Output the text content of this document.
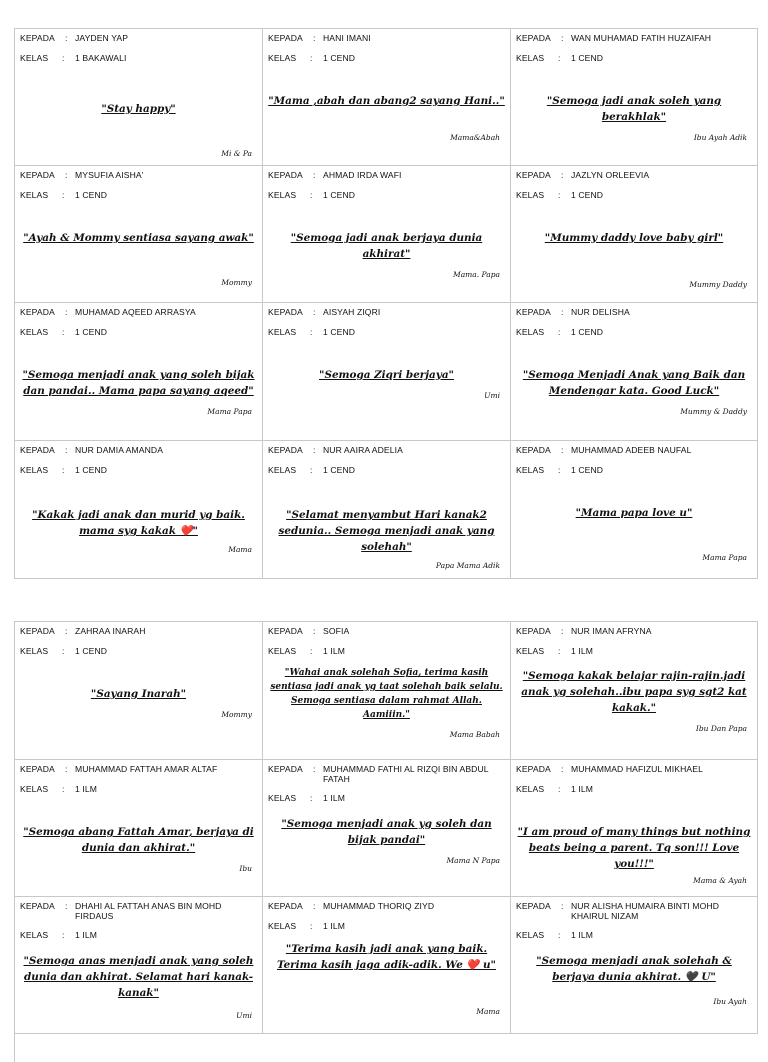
KEPADA	: JAYDEN YAP
KELAS	:	1 BAKAWALI
"Stay happy"
Mi & Pa
KEPADA	: HANI IMANI
KELAS	:	1 CEND
"Mama ,abah dan abang2 sayang Hani.."
Mama&Abah
KEPADA	: WAN MUHAMAD FATIH HUZAIFAH
KELAS	:	1 CEND
"Semoga jadi anak soleh yang berakhlak"
Ibu Ayah Adik
KEPADA	: MYSUFIA AISHA'
KELAS	:	1 CEND
"Ayah & Mommy sentiasa sayang awak"
Mommy
KEPADA	: AHMAD IRDA WAFI
KELAS	:	1 CEND
"Semoga jadi anak berjaya dunia akhirat"
Mama. Papa
KEPADA	: JAZLYN ORLEEVIA
KELAS	:	1 CEND
"Mummy daddy love baby girl"
Mummy Daddy
KEPADA	: MUHAMAD AQEED ARRASYA
KELAS	:	1 CEND
"Semoga menjadi anak yang soleh bijak dan pandai.. Mama papa sayang aqeed"
Mama Papa
KEPADA	: AISYAH ZIQRI
KELAS	:	1 CEND
"Semoga Ziqri berjaya"
Umi
KEPADA	: NUR DELISHA
KELAS	:	1 CEND
"Semoga Menjadi Anak yang Baik dan Mendengar kata. Good Luck"
Mummy & Daddy
KEPADA	: NUR DAMIA AMANDA
KELAS	:	1 CEND
"Kakak jadi anak dan murid yg baik. mama syg kakak ❤️"
Mama
KEPADA	: NUR AAIRA ADELIA
KELAS	:	1 CEND
"Selamat menyambut Hari kanak2 sedunia.. Semoga menjadi anak yang solehah"
Papa Mama Adik
KEPADA	: MUHAMMAD ADEEB NAUFAL
KELAS	:	1 CEND
"Mama papa love u"
Mama Papa
KEPADA	: ZAHRAA INARAH
KELAS	:	1 CEND
"Sayang Inarah"
Mommy
KEPADA	: SOFIA
KELAS	:	1 ILM
"Wahai anak solehah Sofia, terima kasih sentiasa jadi anak yg taat solehah baik selalu. Semoga sentiasa dalam rahmat Allah. Aamiiin."
Mama Babah
KEPADA	: NUR IMAN AFRYNA
KELAS	:	1 ILM
"Semoga kakak belajar rajin-rajin.jadi anak yg solehah..ibu papa syg sgt2 kat kakak."
Ibu Dan Papa
KEPADA	: MUHAMMAD FATTAH AMAR ALTAF
KELAS	:	1 ILM
"Semoga abang Fattah Amar, berjaya di dunia dan akhirat."
Ibu
KEPADA	: MUHAMMAD FATHI AL RIZQI BIN ABDUL FATAH
KELAS	:	1 ILM
"Semoga menjadi anak yg soleh dan bijak pandai"
Mama N Papa
KEPADA	: MUHAMMAD HAFIZUL MIKHAEL
KELAS	:	1 ILM
"I am proud of many things but nothing beats being a parent. Tq son!!! Love you!!!"
Mama & Ayah
KEPADA	: DHAHI AL FATTAH ANAS BIN MOHD FIRDAUS
KELAS	:	1 ILM
"Semoga anas menjadi anak yang soleh dunia dan akhirat. Selamat hari kanak-kanak"
Umi
KEPADA	: MUHAMMAD THORIQ ZIYD
KELAS	:	1 ILM
"Terima kasih jadi anak yang baik. Terima kasih jaga adik-adik. We ❤️ u"
Mama
KEPADA	: NUR ALISHA HUMAIRA BINTI MOHD KHAIRUL NIZAM
KELAS	:	1 ILM
"Semoga menjadi anak solehah & berjaya dunia akhirat. 🖤 U"
Ibu Ayah
